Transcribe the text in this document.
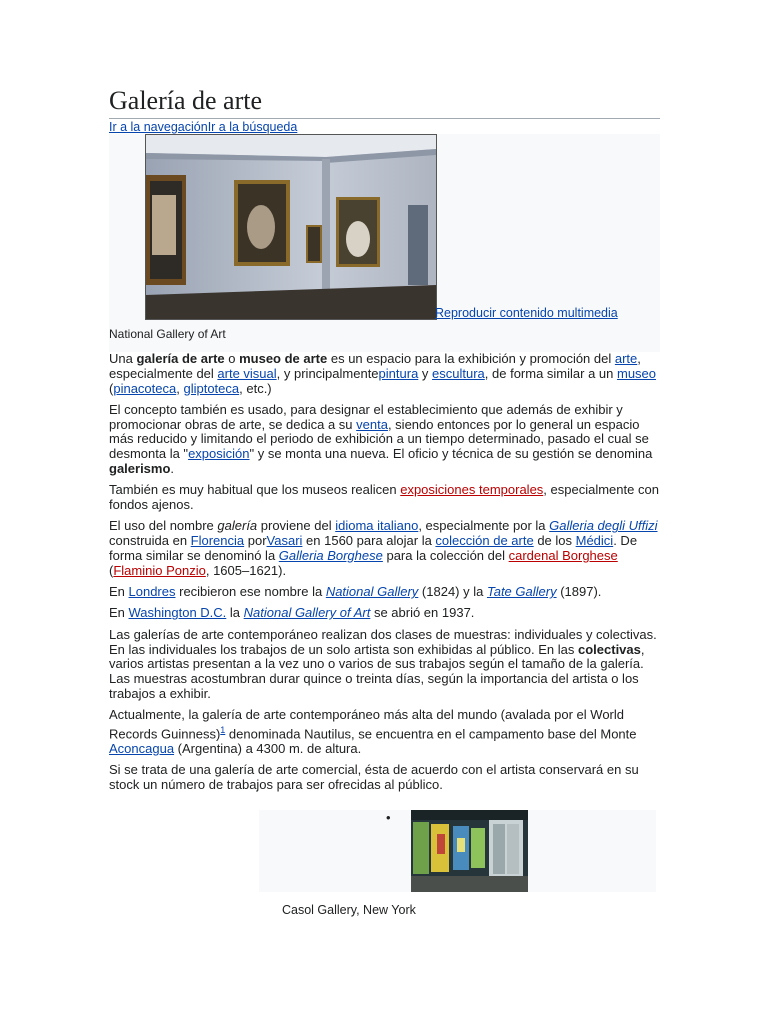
Galería de arte
Ir a la navegaciónIr a la búsqueda
Reproducir contenido multimedia
National Gallery of Art

Una galería de arte o museo de arte es un espacio para la exhibición y promoción del arte, especialmente del arte visual, y principalmentepintura y escultura, de forma similar a un museo (pinacoteca, gliptoteca, etc.)

El concepto también es usado, para designar el establecimiento que además de exhibir y promocionar obras de arte, se dedica a su venta, siendo entonces por lo general un espacio más reducido y limitando el periodo de exhibición a un tiempo determinado, pasado el cual se desmonta la "exposición" y se monta una nueva. El oficio y técnica de su gestión se denomina galerismo.

También es muy habitual que los museos realicen exposiciones temporales, especialmente con fondos ajenos.

El uso del nombre galería proviene del idioma italiano, especialmente por la Galleria degli Uffizi construida en Florencia porVasari en 1560 para alojar la colección de arte de los Médici. De forma similar se denominó la Galleria Borghese para la colección del cardenal Borghese (Flaminio Ponzio, 1605–1621).

En Londres recibieron ese nombre la National Gallery (1824) y la Tate Gallery (1897).

En Washington D.C. la National Gallery of Art se abrió en 1937.

Las galerías de arte contemporáneo realizan dos clases de muestras: individuales y colectivas. En las individuales los trabajos de un solo artista son exhibidas al público. En las colectivas, varios artistas presentan a la vez uno o varios de sus trabajos según el tamaño de la galería. Las muestras acostumbran durar quince o treinta días, según la importancia del artista o los trabajos a exhibir.

Actualmente, la galería de arte contemporáneo más alta del mundo (avalada por el World Records Guinness)$^1$ denominada Nautilus, se encuentra en el campamento base del Monte Aconcagua (Argentina) a 4300 m. de altura.

Si se trata de una galería de arte comercial, ésta de acuerdo con el artista conservará en su stock un número de trabajos para ser ofrecidas al público.

•
Casol Gallery, New York
